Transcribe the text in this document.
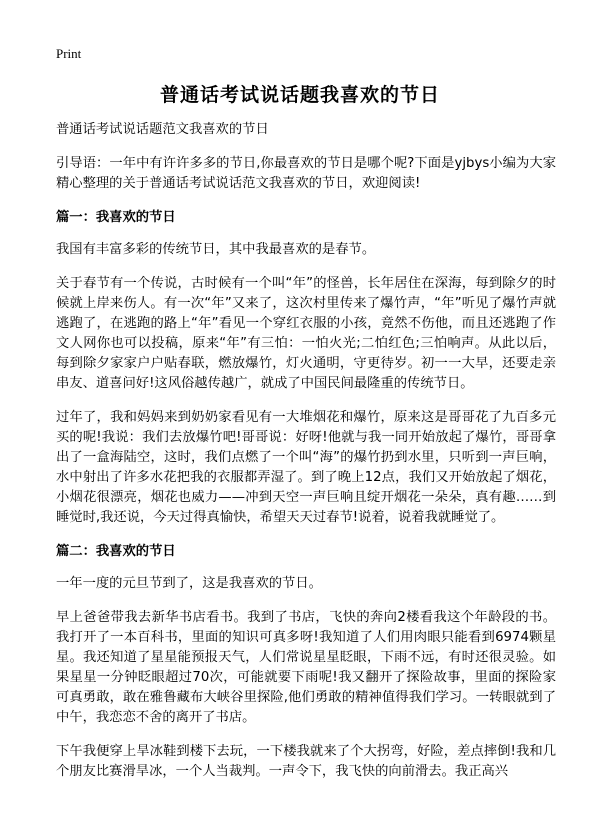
Print
普通话考试说话题我喜欢的节日

普通话考试说话题范文我喜欢的节日

引导语：一年中有许许多多的节日,你最喜欢的节日是哪个呢?下面是yjbys小编为大家精心整理的关于普通话考试说话范文我喜欢的节日，欢迎阅读!

篇一：我喜欢的节日

我国有丰富多彩的传统节日，其中我最喜欢的是春节。

关于春节有一个传说，古时候有一个叫“年”的怪兽，长年居住在深海，每到除夕的时候就上岸来伤人。有一次“年”又来了，这次村里传来了爆竹声，“年”听见了爆竹声就逃跑了，在逃跑的路上“年”看见一个穿红衣服的小孩，竟然不伤他，而且还逃跑了作文人网你也可以投稿，原来“年”有三怕：一怕火光;二怕红色;三怕响声。从此以后，每到除夕家家户户贴春联，燃放爆竹，灯火通明，守更待岁。初一一大早，还要走亲串友、道喜问好!这风俗越传越广，就成了中国民间最隆重的传统节日。

过年了，我和妈妈来到奶奶家看见有一大堆烟花和爆竹，原来这是哥哥花了九百多元买的呢!我说：我们去放爆竹吧!哥哥说：好呀!他就与我一同开始放起了爆竹，哥哥拿出了一盒海陆空，这时，我们点燃了一个叫“海”的爆竹扔到水里，只听到一声巨响，水中射出了许多水花把我的衣服都弄湿了。到了晚上12点，我们又开始放起了烟花，小烟花很漂亮，烟花也威力——冲到天空一声巨响且绽开烟花一朵朵，真有趣……到睡觉时,我还说，今天过得真愉快，希望天天过春节!说着，说着我就睡觉了。

篇二：我喜欢的节日

一年一度的元旦节到了，这是我喜欢的节日。

早上爸爸带我去新华书店看书。我到了书店，飞快的奔向2楼看我这个年龄段的书。我打开了一本百科书，里面的知识可真多呀!我知道了人们用肉眼只能看到6974颗星星。我还知道了星星能预报天气，人们常说星星眨眼，下雨不远，有时还很灵验。如果星星一分钟眨眼超过70次，可能就要下雨呢!我又翻开了探险故事，里面的探险家可真勇敢，敢在雅鲁藏布大峡谷里探险,他们勇敢的精神值得我们学习。一转眼就到了中午，我恋恋不舍的离开了书店。

下午我便穿上旱冰鞋到楼下去玩，一下楼我就来了个大拐弯，好险，差点摔倒!我和几个朋友比赛滑旱冰，一个人当裁判。一声令下，我飞快的向前滑去。我正高兴
